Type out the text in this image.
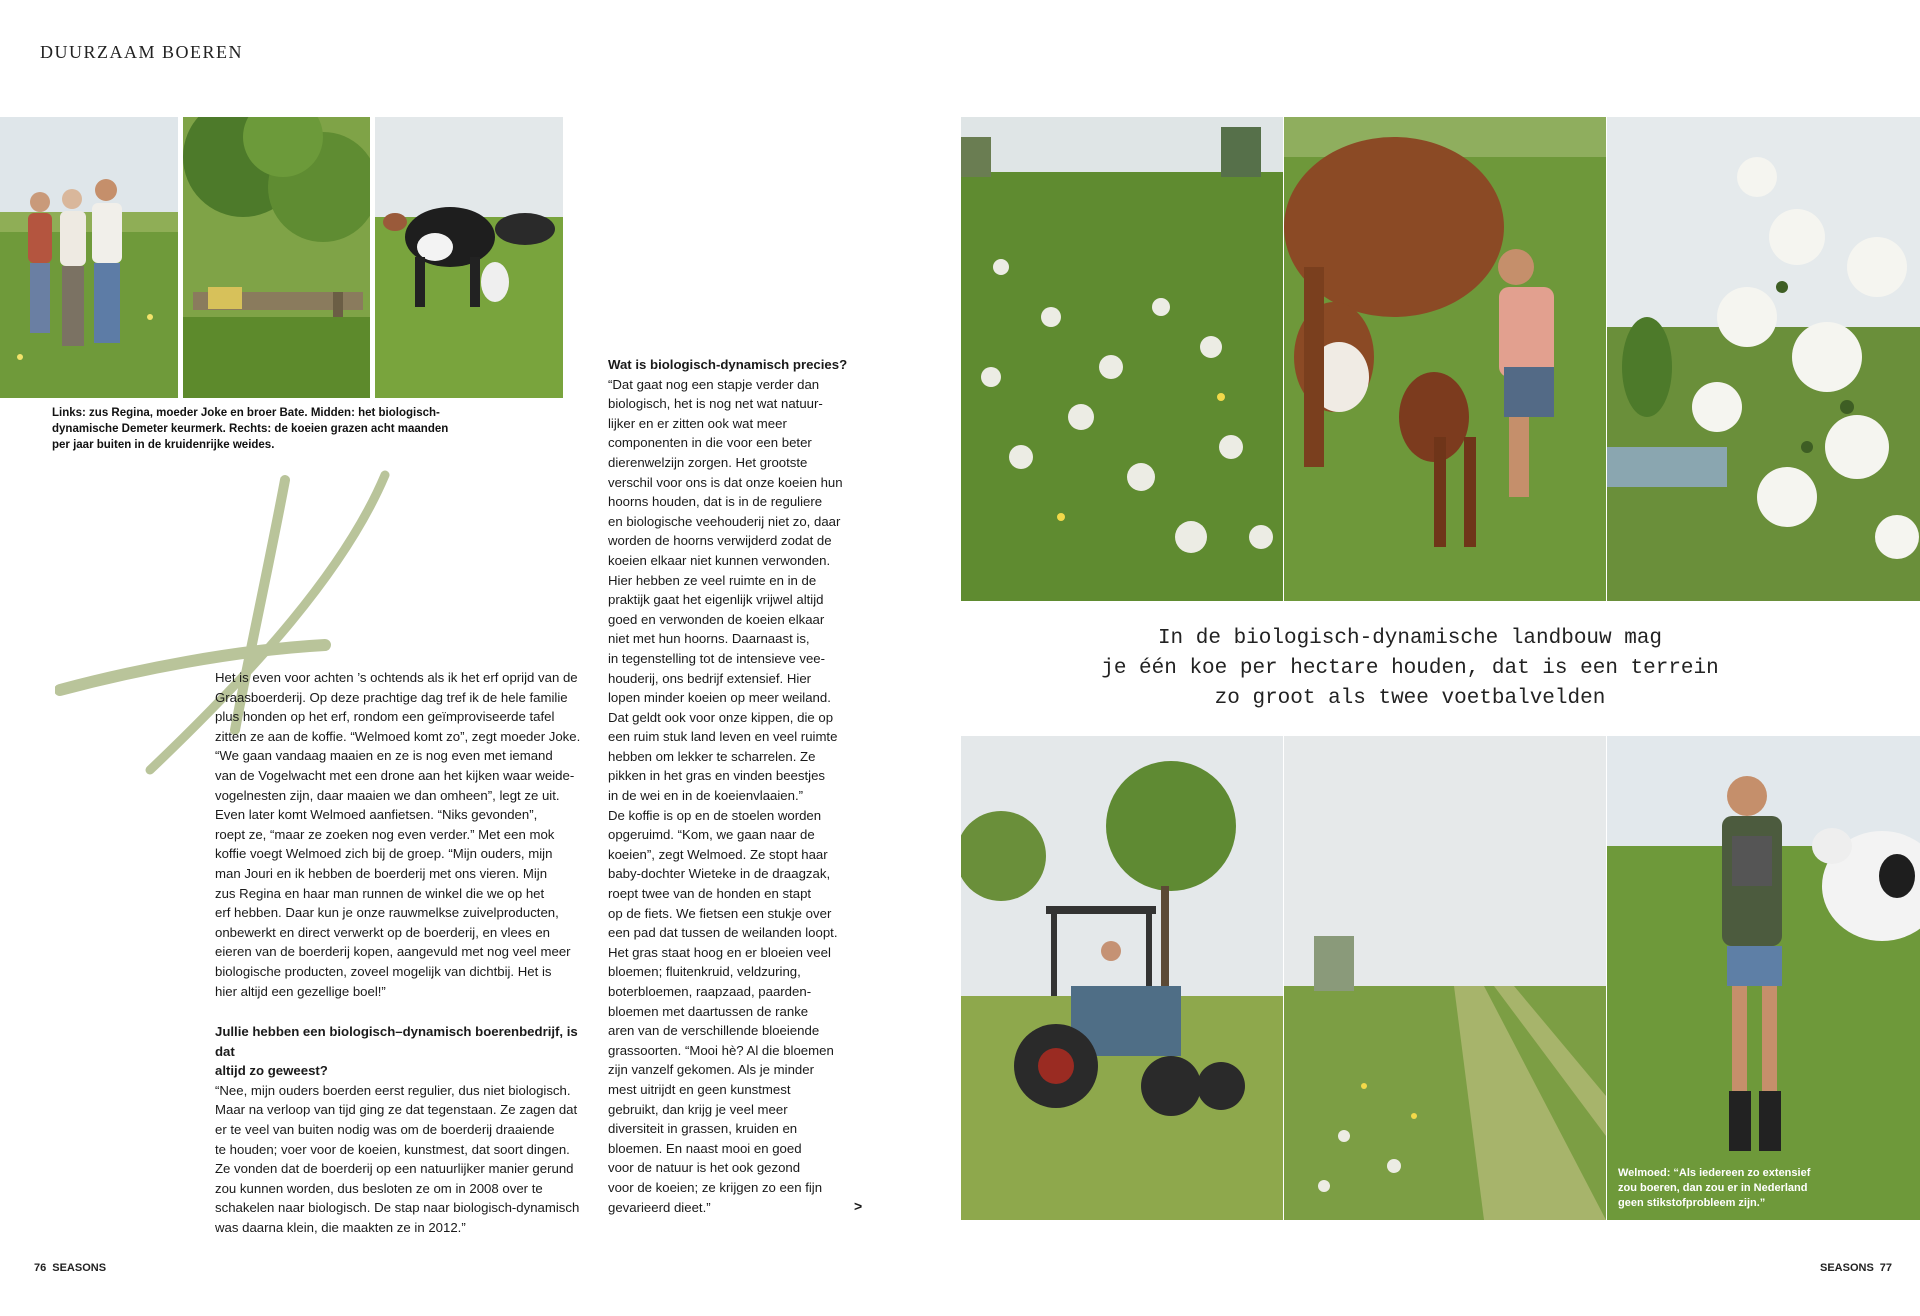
DUURZAAM BOEREN
Links: zus Regina, moeder Joke en broer Bate. Midden: het biologisch-dynamische Demeter keurmerk. Rechts: de koeien grazen acht maanden per jaar buiten in de kruidenrijke weides.

Het is even voor achten ’s ochtends als ik het erf oprijd van de
Graasboerderij. Op deze prachtige dag tref ik de hele familie
plus honden op het erf, rondom een geïmproviseerde tafel
zitten ze aan de koffie. “Welmoed komt zo”, zegt moeder Joke.
“We gaan vandaag maaien en ze is nog even met iemand
van de Vogelwacht met een drone aan het kijken waar weide-
vogelnesten zijn, daar maaien we dan omheen”, legt ze uit.
Even later komt Welmoed aanfietsen. “Niks gevonden”,
roept ze, “maar ze zoeken nog even verder.” Met een mok
koffie voegt Welmoed zich bij de groep. “Mijn ouders, mijn
man Jouri en ik hebben de boerderij met ons vieren. Mijn
zus Regina en haar man runnen de winkel die we op het
erf hebben. Daar kun je onze rauwmelkse zuivelproducten,
onbewerkt en direct verwerkt op de boerderij, en vlees en
eieren van de boerderij kopen, aangevuld met nog veel meer
biologische producten, zoveel mogelijk van dichtbij. Het is
hier altijd een gezellige boel!”

Jullie hebben een biologisch–dynamisch boerenbedrijf, is dat
altijd zo geweest?

“Nee, mijn ouders boerden eerst regulier, dus niet biologisch.
Maar na verloop van tijd ging ze dat tegenstaan. Ze zagen dat
er te veel van buiten nodig was om de boerderij draaiende
te houden; voer voor de koeien, kunstmest, dat soort dingen.
Ze vonden dat de boerderij op een natuurlijker manier gerund
zou kunnen worden, dus besloten ze om in 2008 over te
schakelen naar biologisch. De stap naar biologisch-dynamisch
was daarna klein, die maakten ze in 2012.”

Wat is biologisch-dynamisch precies?

“Dat gaat nog een stapje verder dan
biologisch, het is nog net wat natuur-
lijker en er zitten ook wat meer
componenten in die voor een beter
dierenwelzijn zorgen. Het grootste
verschil voor ons is dat onze koeien hun
hoorns houden, dat is in de reguliere
en biologische veehouderij niet zo, daar
worden de hoorns verwijderd zodat de
koeien elkaar niet kunnen verwonden.
Hier hebben ze veel ruimte en in de
praktijk gaat het eigenlijk vrijwel altijd
goed en verwonden de koeien elkaar
niet met hun hoorns. Daarnaast is,
in tegenstelling tot de intensieve vee-
houderij, ons bedrijf extensief. Hier
lopen minder koeien op meer weiland.
Dat geldt ook voor onze kippen, die op
een ruim stuk land leven en veel ruimte
hebben om lekker te scharrelen. Ze
pikken in het gras en vinden beestjes
in de wei en in de koeienvlaaien.”
De koffie is op en de stoelen worden
opgeruimd. “Kom, we gaan naar de
koeien”, zegt Welmoed. Ze stopt haar
baby-dochter Wieteke in de draagzak,
roept twee van de honden en stapt
op de fiets. We fietsen een stukje over
een pad dat tussen de weilanden loopt.
Het gras staat hoog en er bloeien veel
bloemen; fluitenkruid, veldzuring,
boterbloemen, raapzaad, paarden-
bloemen met daartussen de ranke
aren van de verschillende bloeiende
grassoorten. “Mooi hè? Al die bloemen
zijn vanzelf gekomen. Als je minder
mest uitrijdt en geen kunstmest
gebruikt, dan krijg je veel meer
diversiteit in grassen, kruiden en
bloemen. En naast mooi en goed
voor de natuur is het ook gezond
voor de koeien; ze krijgen zo een fijn
gevarieerd dieet.”	>
In de biologisch-dynamische landbouw mag
je één koe per hectare houden, dat is een terrein
zo groot als twee voetbalvelden
Welmoed: “Als iedereen zo extensief
zou boeren, dan zou er in Nederland
geen stikstofprobleem zijn.”
76 SEASONS	SEASONS 77
